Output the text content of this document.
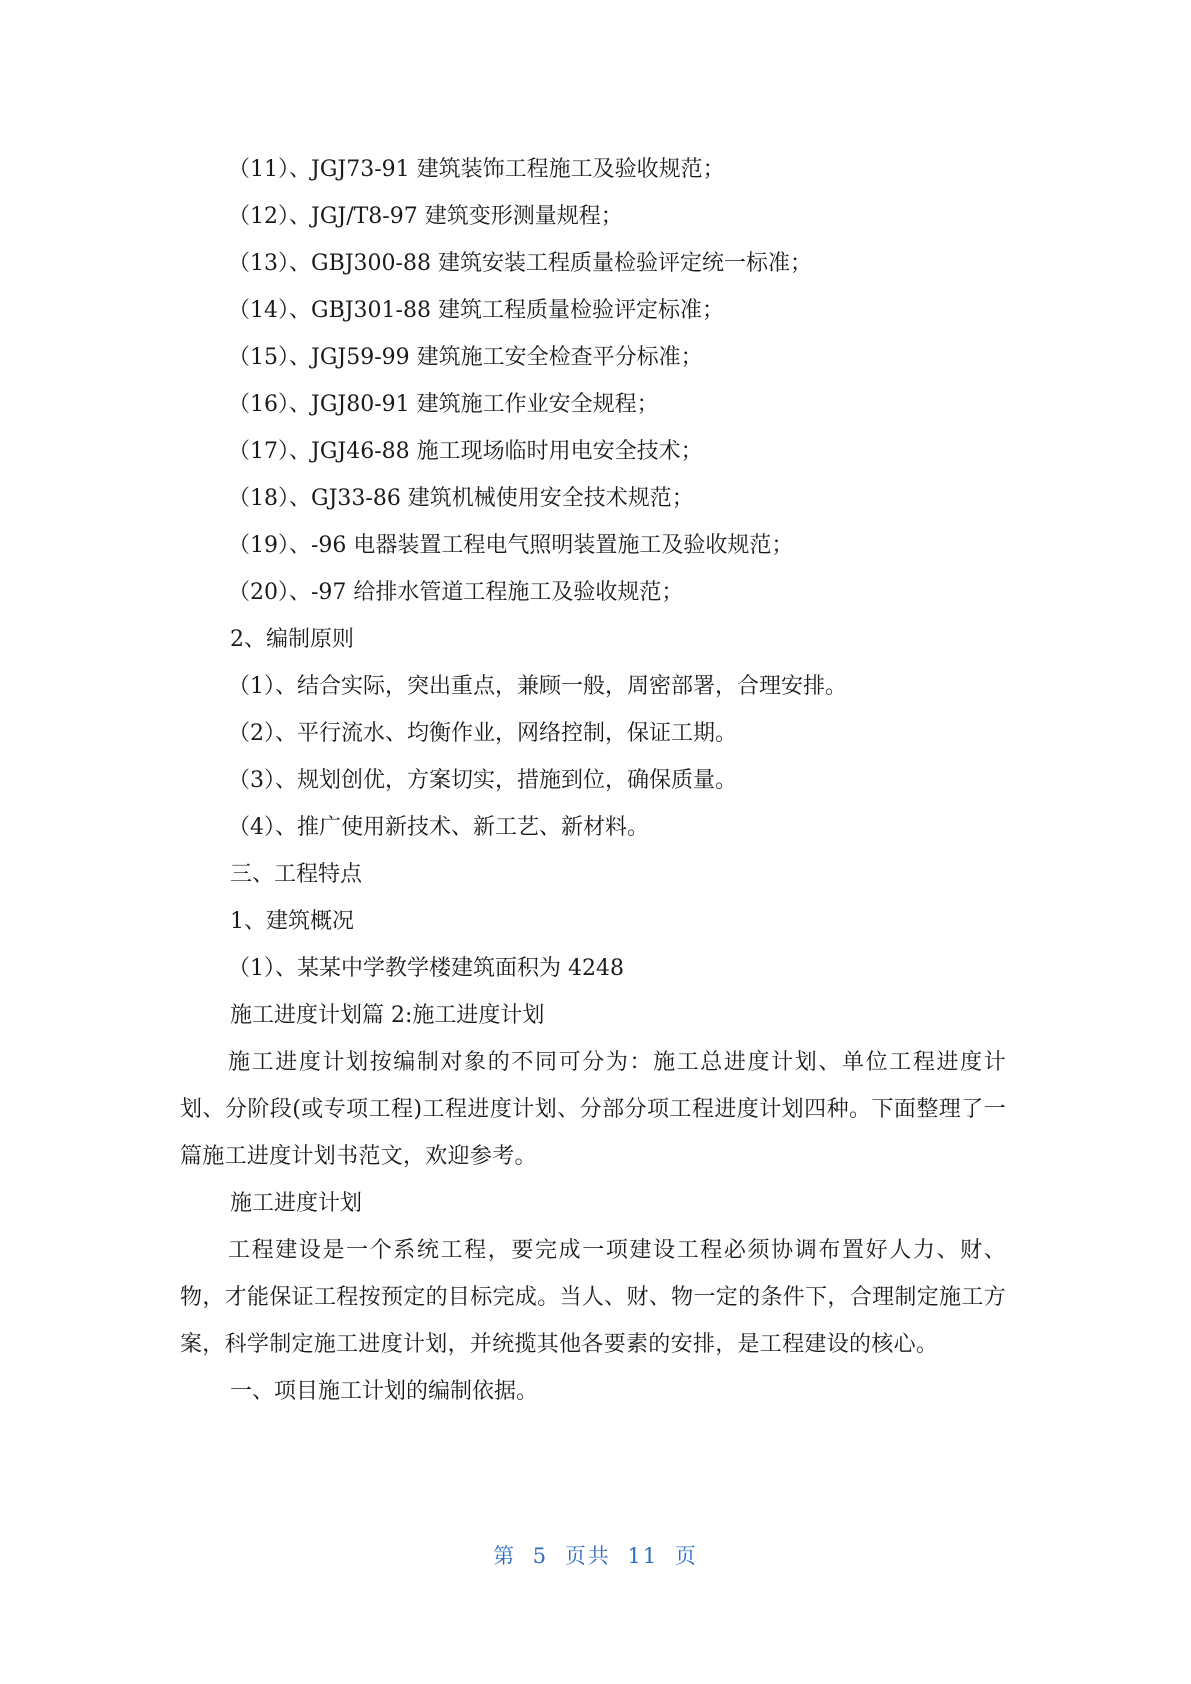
（11）、JGJ73-91 建筑装饰工程施工及验收规范；
（12）、JGJ/T8-97 建筑变形测量规程；
（13）、GBJ300-88 建筑安装工程质量检验评定统一标准；
（14）、GBJ301-88 建筑工程质量检验评定标准；
（15）、JGJ59-99 建筑施工安全检查平分标准；
（16）、JGJ80-91 建筑施工作业安全规程；
（17）、JGJ46-88 施工现场临时用电安全技术；
（18）、GJ33-86 建筑机械使用安全技术规范；
（19）、-96 电器装置工程电气照明装置施工及验收规范；
（20）、-97 给排水管道工程施工及验收规范；
2、编制原则
（1）、结合实际，突出重点，兼顾一般，周密部署，合理安排。
（2）、平行流水、均衡作业，网络控制，保证工期。
（3）、规划创优，方案切实，措施到位，确保质量。
（4）、推广使用新技术、新工艺、新材料。
三、工程特点
1、建筑概况
（1）、某某中学教学楼建筑面积为 4248
施工进度计划篇 2:施工进度计划

施工进度计划按编制对象的不同可分为：施工总进度计划、单位工程进度计划、分阶段(或专项工程)工程进度计划、分部分项工程进度计划四种。下面整理了一篇施工进度计划书范文，欢迎参考。

施工进度计划

工程建设是一个系统工程，要完成一项建设工程必须协调布置好人力、财、物，才能保证工程按预定的目标完成。当人、财、物一定的条件下，合理制定施工方案，科学制定施工进度计划，并统揽其他各要素的安排，是工程建设的核心。

一、项目施工计划的编制依据。
第 5 页共 11 页
